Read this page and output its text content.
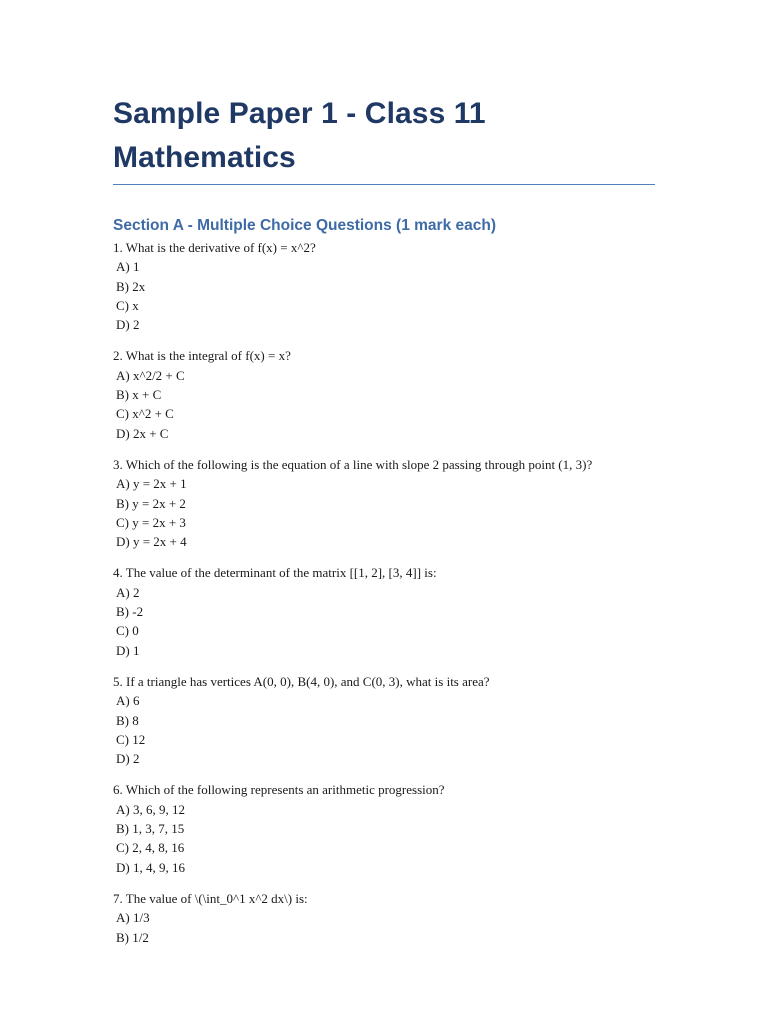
Sample Paper 1 - Class 11 Mathematics
Section A - Multiple Choice Questions (1 mark each)
1. What is the derivative of f(x) = x^2?
A) 1
B) 2x
C) x
D) 2
2. What is the integral of f(x) = x?
A) x^2/2 + C
B) x + C
C) x^2 + C
D) 2x + C
3. Which of the following is the equation of a line with slope 2 passing through point (1, 3)?
A) y = 2x + 1
B) y = 2x + 2
C) y = 2x + 3
D) y = 2x + 4
4. The value of the determinant of the matrix [[1, 2], [3, 4]] is:
A) 2
B) -2
C) 0
D) 1
5. If a triangle has vertices A(0, 0), B(4, 0), and C(0, 3), what is its area?
A) 6
B) 8
C) 12
D) 2
6. Which of the following represents an arithmetic progression?
A) 3, 6, 9, 12
B) 1, 3, 7, 15
C) 2, 4, 8, 16
D) 1, 4, 9, 16
7. The value of \(\int_0^1 x^2 dx\) is:
A) 1/3
B) 1/2
